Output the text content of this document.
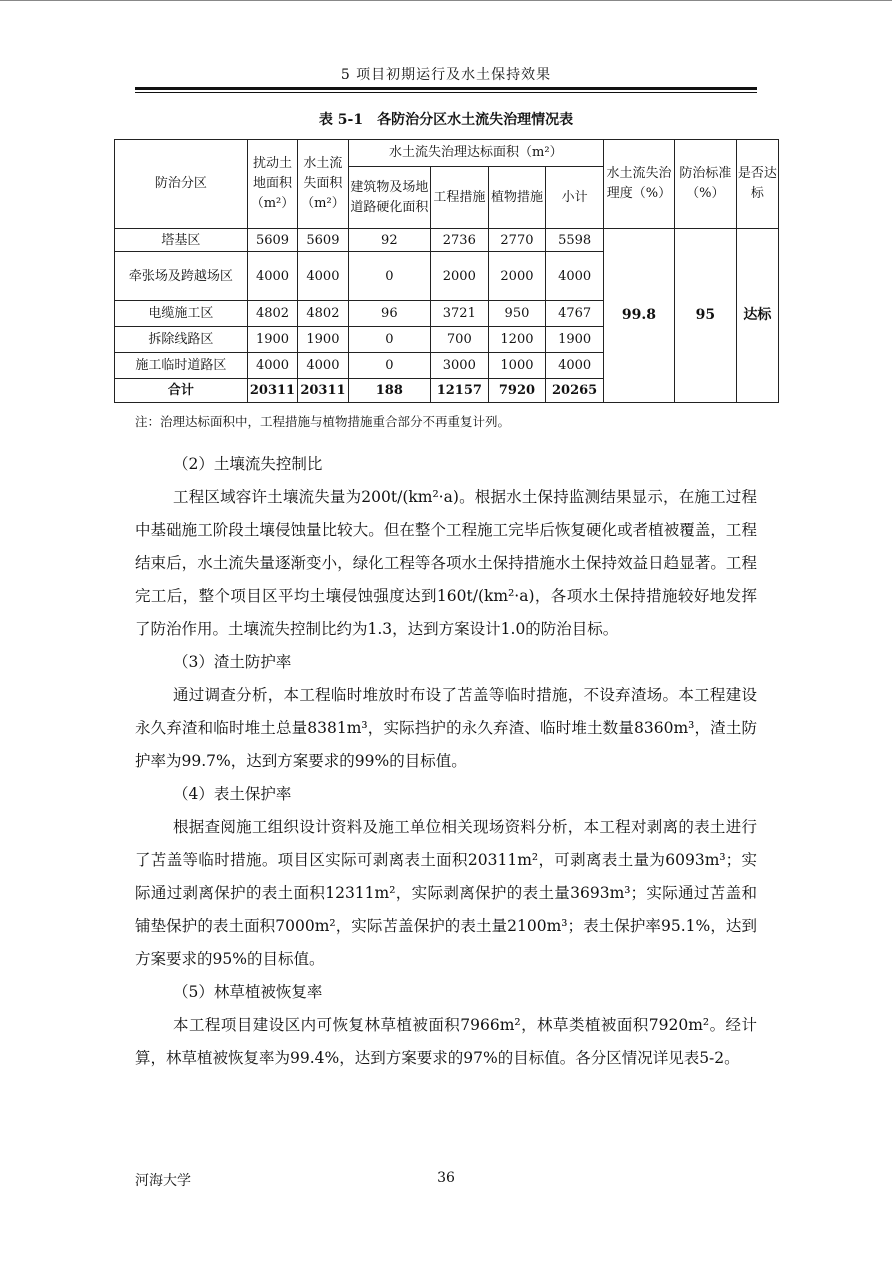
5 项目初期运行及水土保持效果
表 5-1　各防治分区水土流失治理情况表
防治分区	扰动土地面积（m²）	水土流失面积（m²）	水土流失治理达标面积（m²）				水土流失治理度（%）	防治标准（%）	是否达标
			建筑物及场地道路硬化面积	工程措施	植物措施	小计			
塔基区	5609	5609	92	2736	2770	5598	99.8	95	达标
牵张场及跨越场区	4000	4000	0	2000	2000	4000			
电缆施工区	4802	4802	96	3721	950	4767			
拆除线路区	1900	1900	0	700	1200	1900			
施工临时道路区	4000	4000	0	3000	1000	4000			
合计	20311	20311	188	12157	7920	20265			
注：治理达标面积中，工程措施与植物措施重合部分不再重复计列。

（2）土壤流失控制比

工程区域容许土壤流失量为200t/(km²·a)。根据水土保持监测结果显示，在施工过程中基础施工阶段土壤侵蚀量比较大。但在整个工程施工完毕后恢复硬化或者植被覆盖，工程结束后，水土流失量逐渐变小，绿化工程等各项水土保持措施水土保持效益日趋显著。工程完工后，整个项目区平均土壤侵蚀强度达到160t/(km²·a)，各项水土保持措施较好地发挥了防治作用。土壤流失控制比约为1.3，达到方案设计1.0的防治目标。

（3）渣土防护率

通过调查分析，本工程临时堆放时布设了苫盖等临时措施，不设弃渣场。本工程建设永久弃渣和临时堆土总量8381m³，实际挡护的永久弃渣、临时堆土数量8360m³，渣土防护率为99.7%，达到方案要求的99%的目标值。

（4）表土保护率

根据查阅施工组织设计资料及施工单位相关现场资料分析，本工程对剥离的表土进行了苫盖等临时措施。项目区实际可剥离表土面积20311m²，可剥离表土量为6093m³；实际通过剥离保护的表土面积12311m²，实际剥离保护的表土量3693m³；实际通过苫盖和铺垫保护的表土面积7000m²，实际苫盖保护的表土量2100m³；表土保护率95.1%，达到方案要求的95%的目标值。

（5）林草植被恢复率

本工程项目建设区内可恢复林草植被面积7966m²，林草类植被面积7920m²。经计算，林草植被恢复率为99.4%，达到方案要求的97%的目标值。各分区情况详见表5-2。

河海大学	36
